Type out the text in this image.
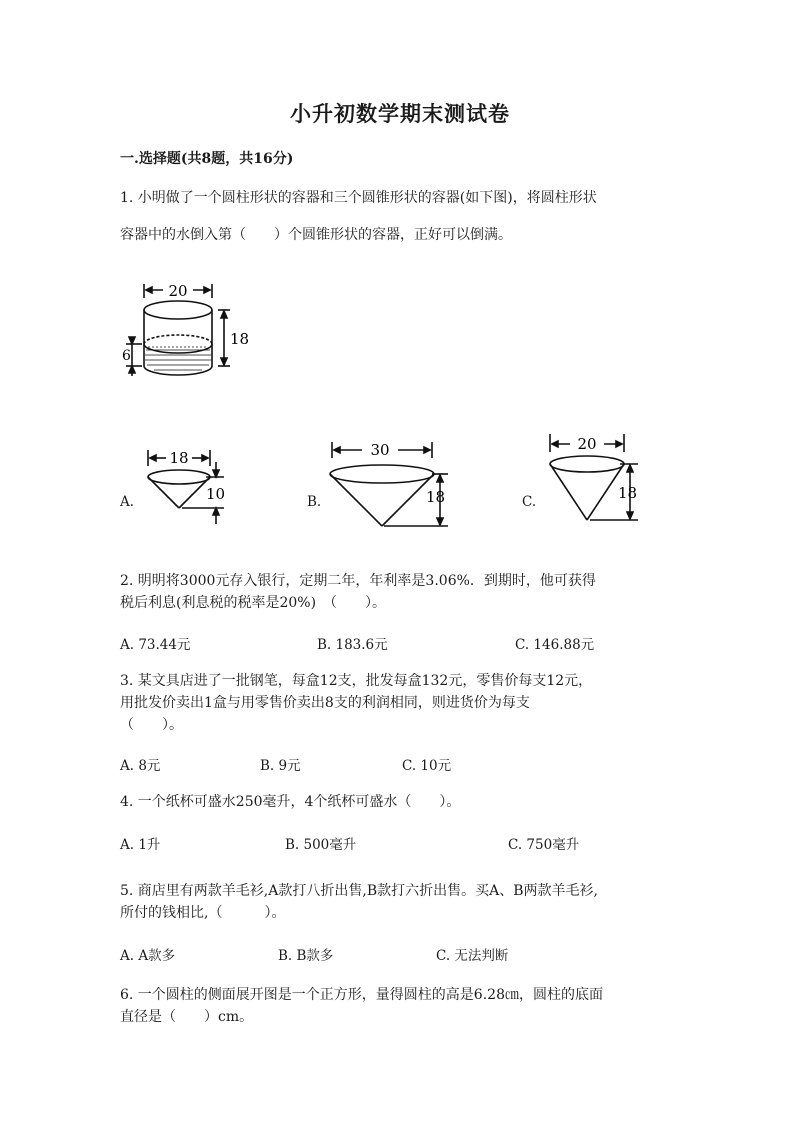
小升初数学期末测试卷
一.选择题(共8题，共16分)
1. 小明做了一个圆柱形状的容器和三个圆锥形状的容器(如下图)，将圆柱形状
容器中的水倒入第（　　）个圆锥形状的容器，正好可以倒满。
20
18
6
A.
18
10	B.
30
18	C.
20
18
2. 明明将3000元存入银行，定期二年，年利率是3.06%．到期时，他可获得
税后利息(利息税的税率是20%)　（　　）。
A. 73.44元	B. 183.6元	C. 146.88元
3. 某文具店进了一批钢笔，每盒12支，批发每盒132元，零售价每支12元，
用批发价卖出1盒与用零售价卖出8支的利润相同，则进货价为每支
（　　）。
A. 8元	B. 9元	C. 10元
4. 一个纸杯可盛水250毫升，4个纸杯可盛水（　　）。
A. 1升	B. 500毫升	C. 750毫升
5. 商店里有两款羊毛衫,A款打八折出售,B款打六折出售。买A、B两款羊毛衫,
所付的钱相比,（　　　）。
A. A款多	B. B款多	C. 无法判断
6. 一个圆柱的侧面展开图是一个正方形，量得圆柱的高是6.28㎝，圆柱的底面
直径是（　　）cm。
